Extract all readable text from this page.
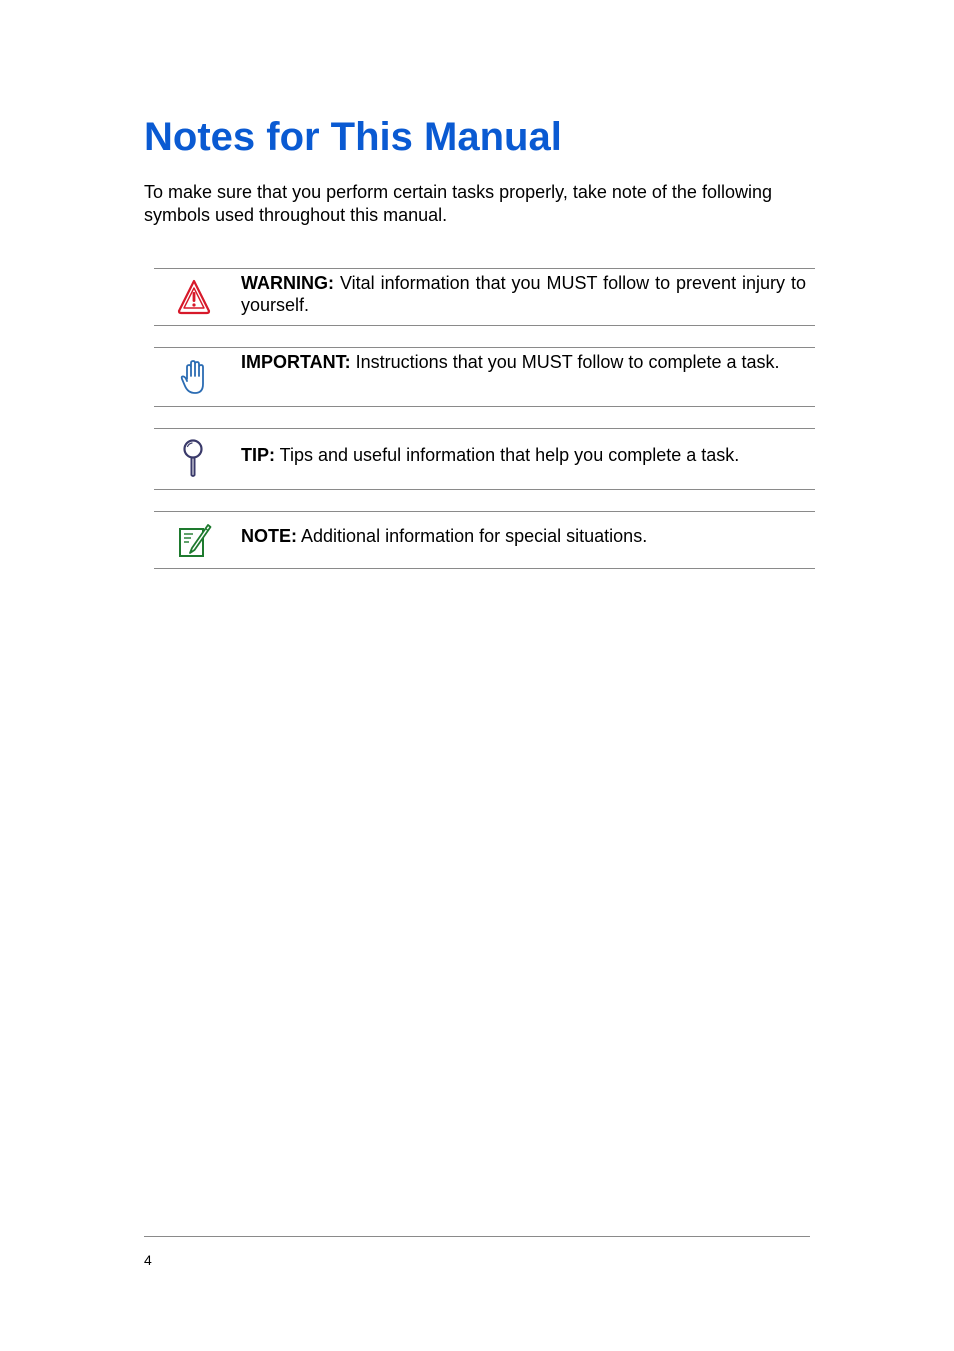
Notes for This Manual

To make sure that you perform certain tasks properly, take note of the following symbols used throughout this manual.

WARNING: Vital information that you MUST follow to prevent injury to yourself.
IMPORTANT: Instructions that you MUST follow to complete a task.
TIP: Tips and useful information that help you complete a task.
NOTE: Additional information for special situations.
4
